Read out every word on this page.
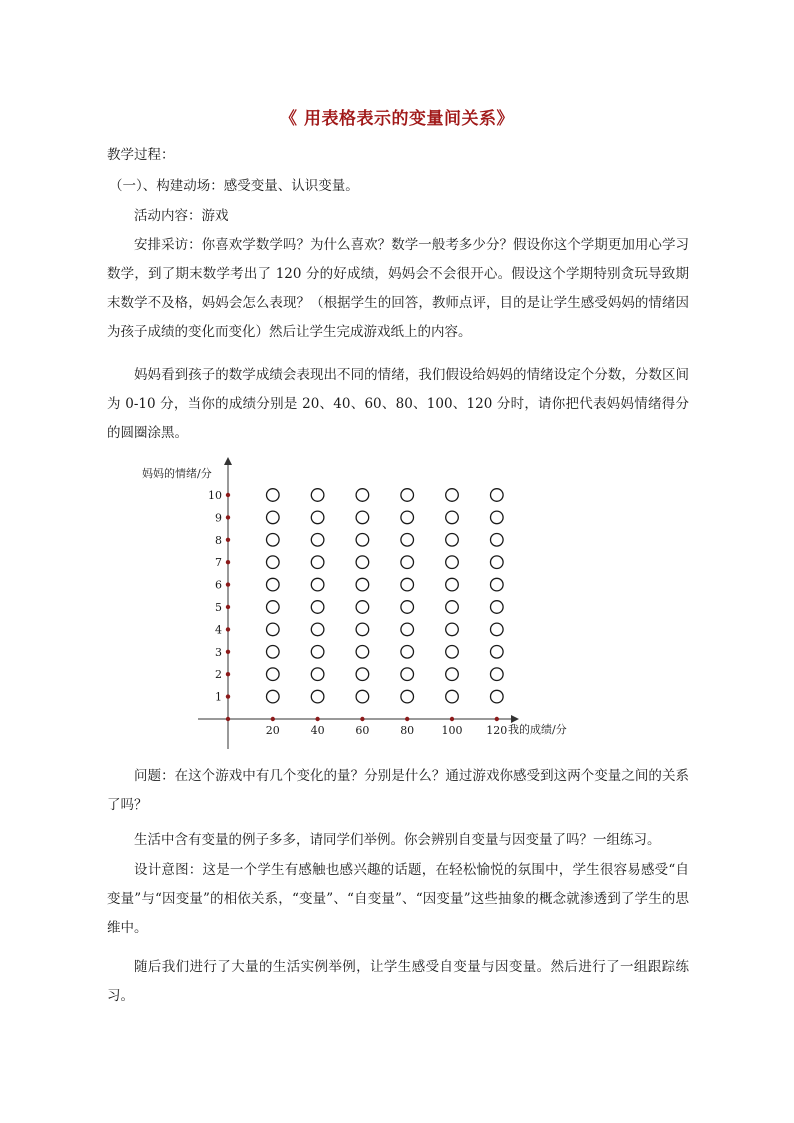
《 用表格表示的变量间关系》

教学过程：

（一）、构建动场：感受变量、认识变量。

活动内容：游戏

安排采访：你喜欢学数学吗？为什么喜欢？数学一般考多少分？假设你这个学期更加用心学习数学，到了期末数学考出了 120 分的好成绩，妈妈会不会很开心。假设这个学期特别贪玩导致期末数学不及格，妈妈会怎么表现？（根据学生的回答，教师点评，目的是让学生感受妈妈的情绪因为孩子成绩的变化而变化）然后让学生完成游戏纸上的内容。

妈妈看到孩子的数学成绩会表现出不同的情绪，我们假设给妈妈的情绪设定个分数，分数区间为 0-10 分，当你的成绩分别是 20、40、60、80、100、120 分时，请你把代表妈妈情绪得分的圆圈涂黑。

1
2
3
4
5
6
7
8
9
10
20	40	60	80 100 120
妈妈的情绪/分
我的成绩/分

问题：在这个游戏中有几个变化的量？分别是什么？通过游戏你感受到这两个变量之间的关系了吗？

生活中含有变量的例子多多，请同学们举例。你会辨别自变量与因变量了吗？一组练习。

设计意图：这是一个学生有感触也感兴趣的话题，在轻松愉悦的氛围中，学生很容易感受“自变量”与“因变量”的相依关系，“变量”、“自变量”、“因变量”这些抽象的概念就渗透到了学生的思维中。

随后我们进行了大量的生活实例举例，让学生感受自变量与因变量。然后进行了一组跟踪练习。
